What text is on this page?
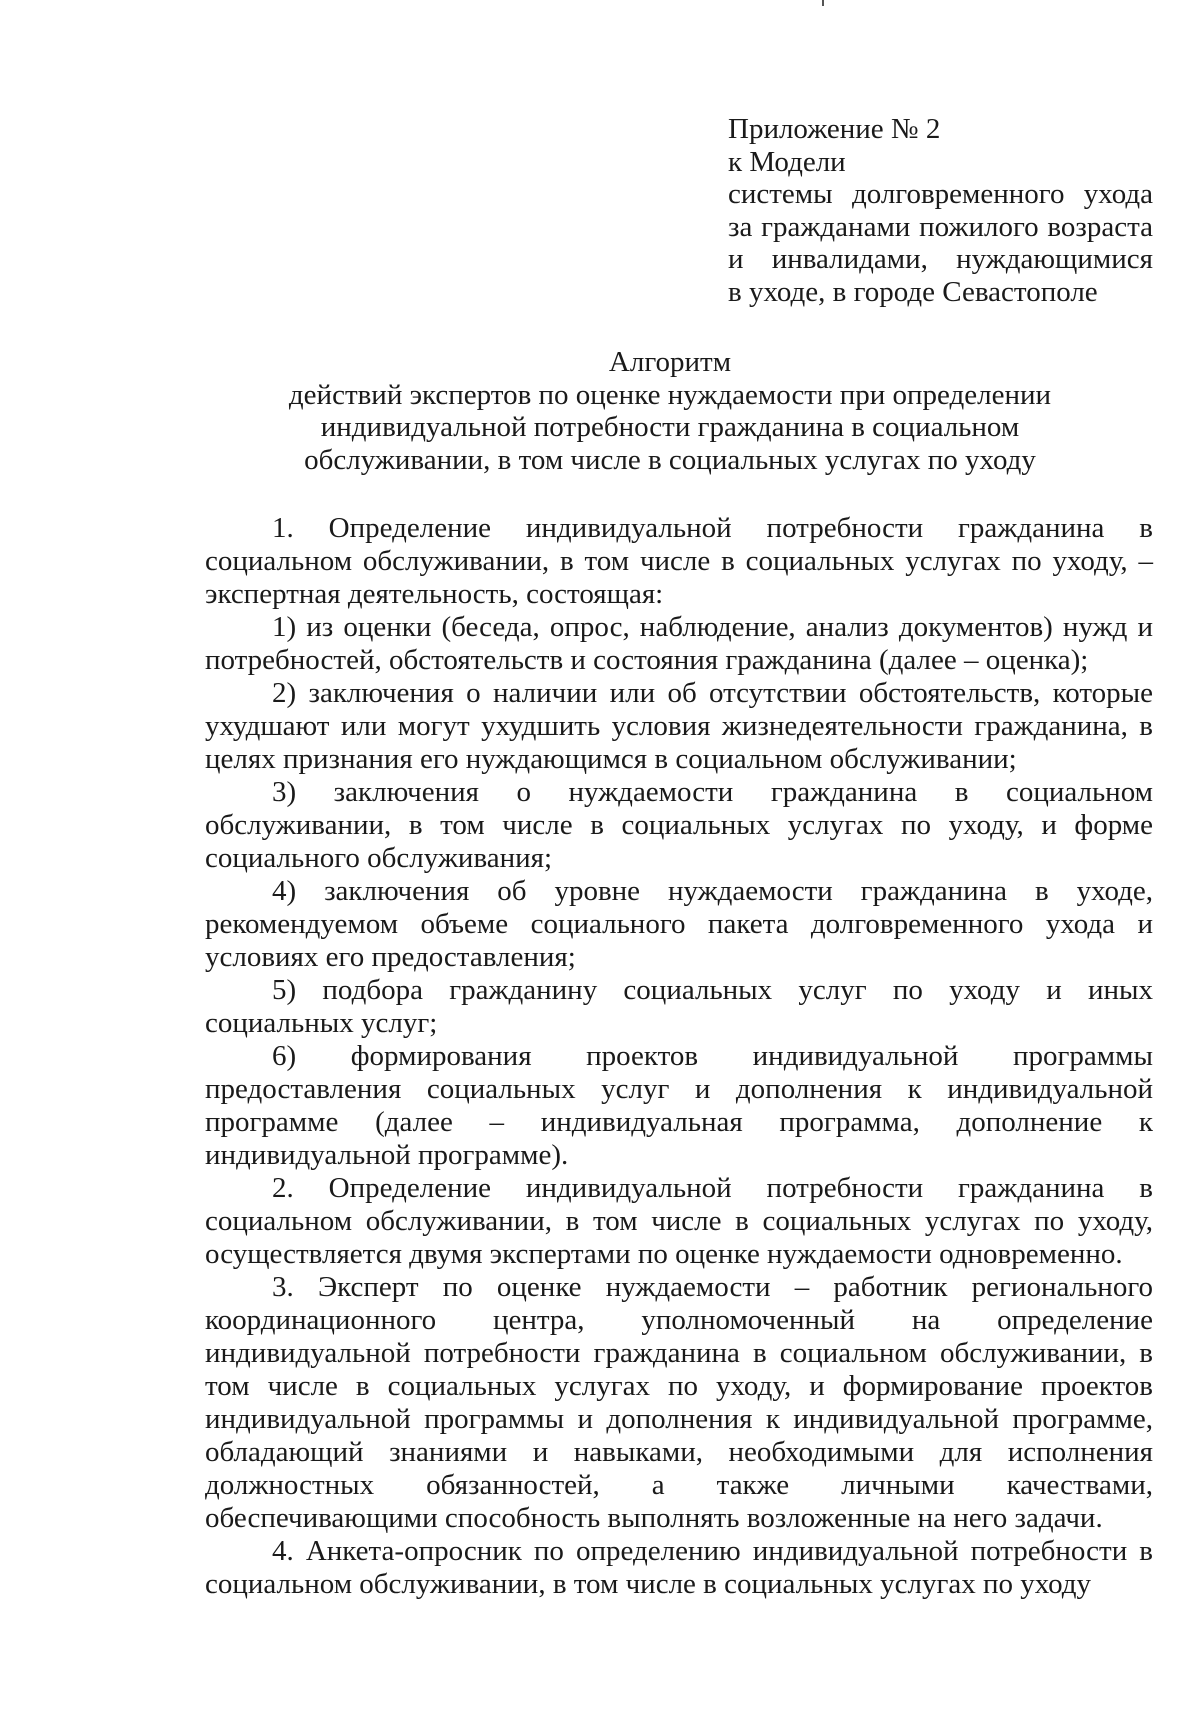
Приложение № 2
к Модели
системы долговременного ухода
за гражданами пожилого возраста
и инвалидами, нуждающимися
в уходе, в городе Севастополе
Алгоритм
действий экспертов по оценке нуждаемости при определении
индивидуальной потребности гражданина в социальном
обслуживании, в том числе в социальных услугах по уходу

1. Определение индивидуальной потребности гражданина в социальном обслуживании, в том числе в социальных услугах по уходу, – экспертная деятельность, состоящая:

1) из оценки (беседа, опрос, наблюдение, анализ документов) нужд и потребностей, обстоятельств и состояния гражданина (далее – оценка);

2) заключения о наличии или об отсутствии обстоятельств, которые ухудшают или могут ухудшить условия жизнедеятельности гражданина, в целях признания его нуждающимся в социальном обслуживании;

3) заключения о нуждаемости гражданина в социальном обслуживании, в том числе в социальных услугах по уходу, и форме социального обслуживания;

4) заключения об уровне нуждаемости гражданина в уходе, рекомендуемом объеме социального пакета долговременного ухода и условиях его предоставления;

5) подбора гражданину социальных услуг по уходу и иных социальных услуг;

6) формирования проектов индивидуальной программы предоставления социальных услуг и дополнения к индивидуальной программе (далее – индивидуальная программа, дополнение к индивидуальной программе).

2. Определение индивидуальной потребности гражданина в социальном обслуживании, в том числе в социальных услугах по уходу, осуществляется двумя экспертами по оценке нуждаемости одновременно.

3. Эксперт по оценке нуждаемости – работник регионального координационного центра, уполномоченный на определение индивидуальной потребности гражданина в социальном обслуживании, в том числе в социальных услугах по уходу, и формирование проектов индивидуальной программы и дополнения к индивидуальной программе, обладающий знаниями и навыками, необходимыми для исполнения должностных обязанностей, а также личными качествами, обеспечивающими способность выполнять возложенные на него задачи.

4. Анкета-опросник по определению индивидуальной потребности в социальном обслуживании, в том числе в социальных услугах по уходу
